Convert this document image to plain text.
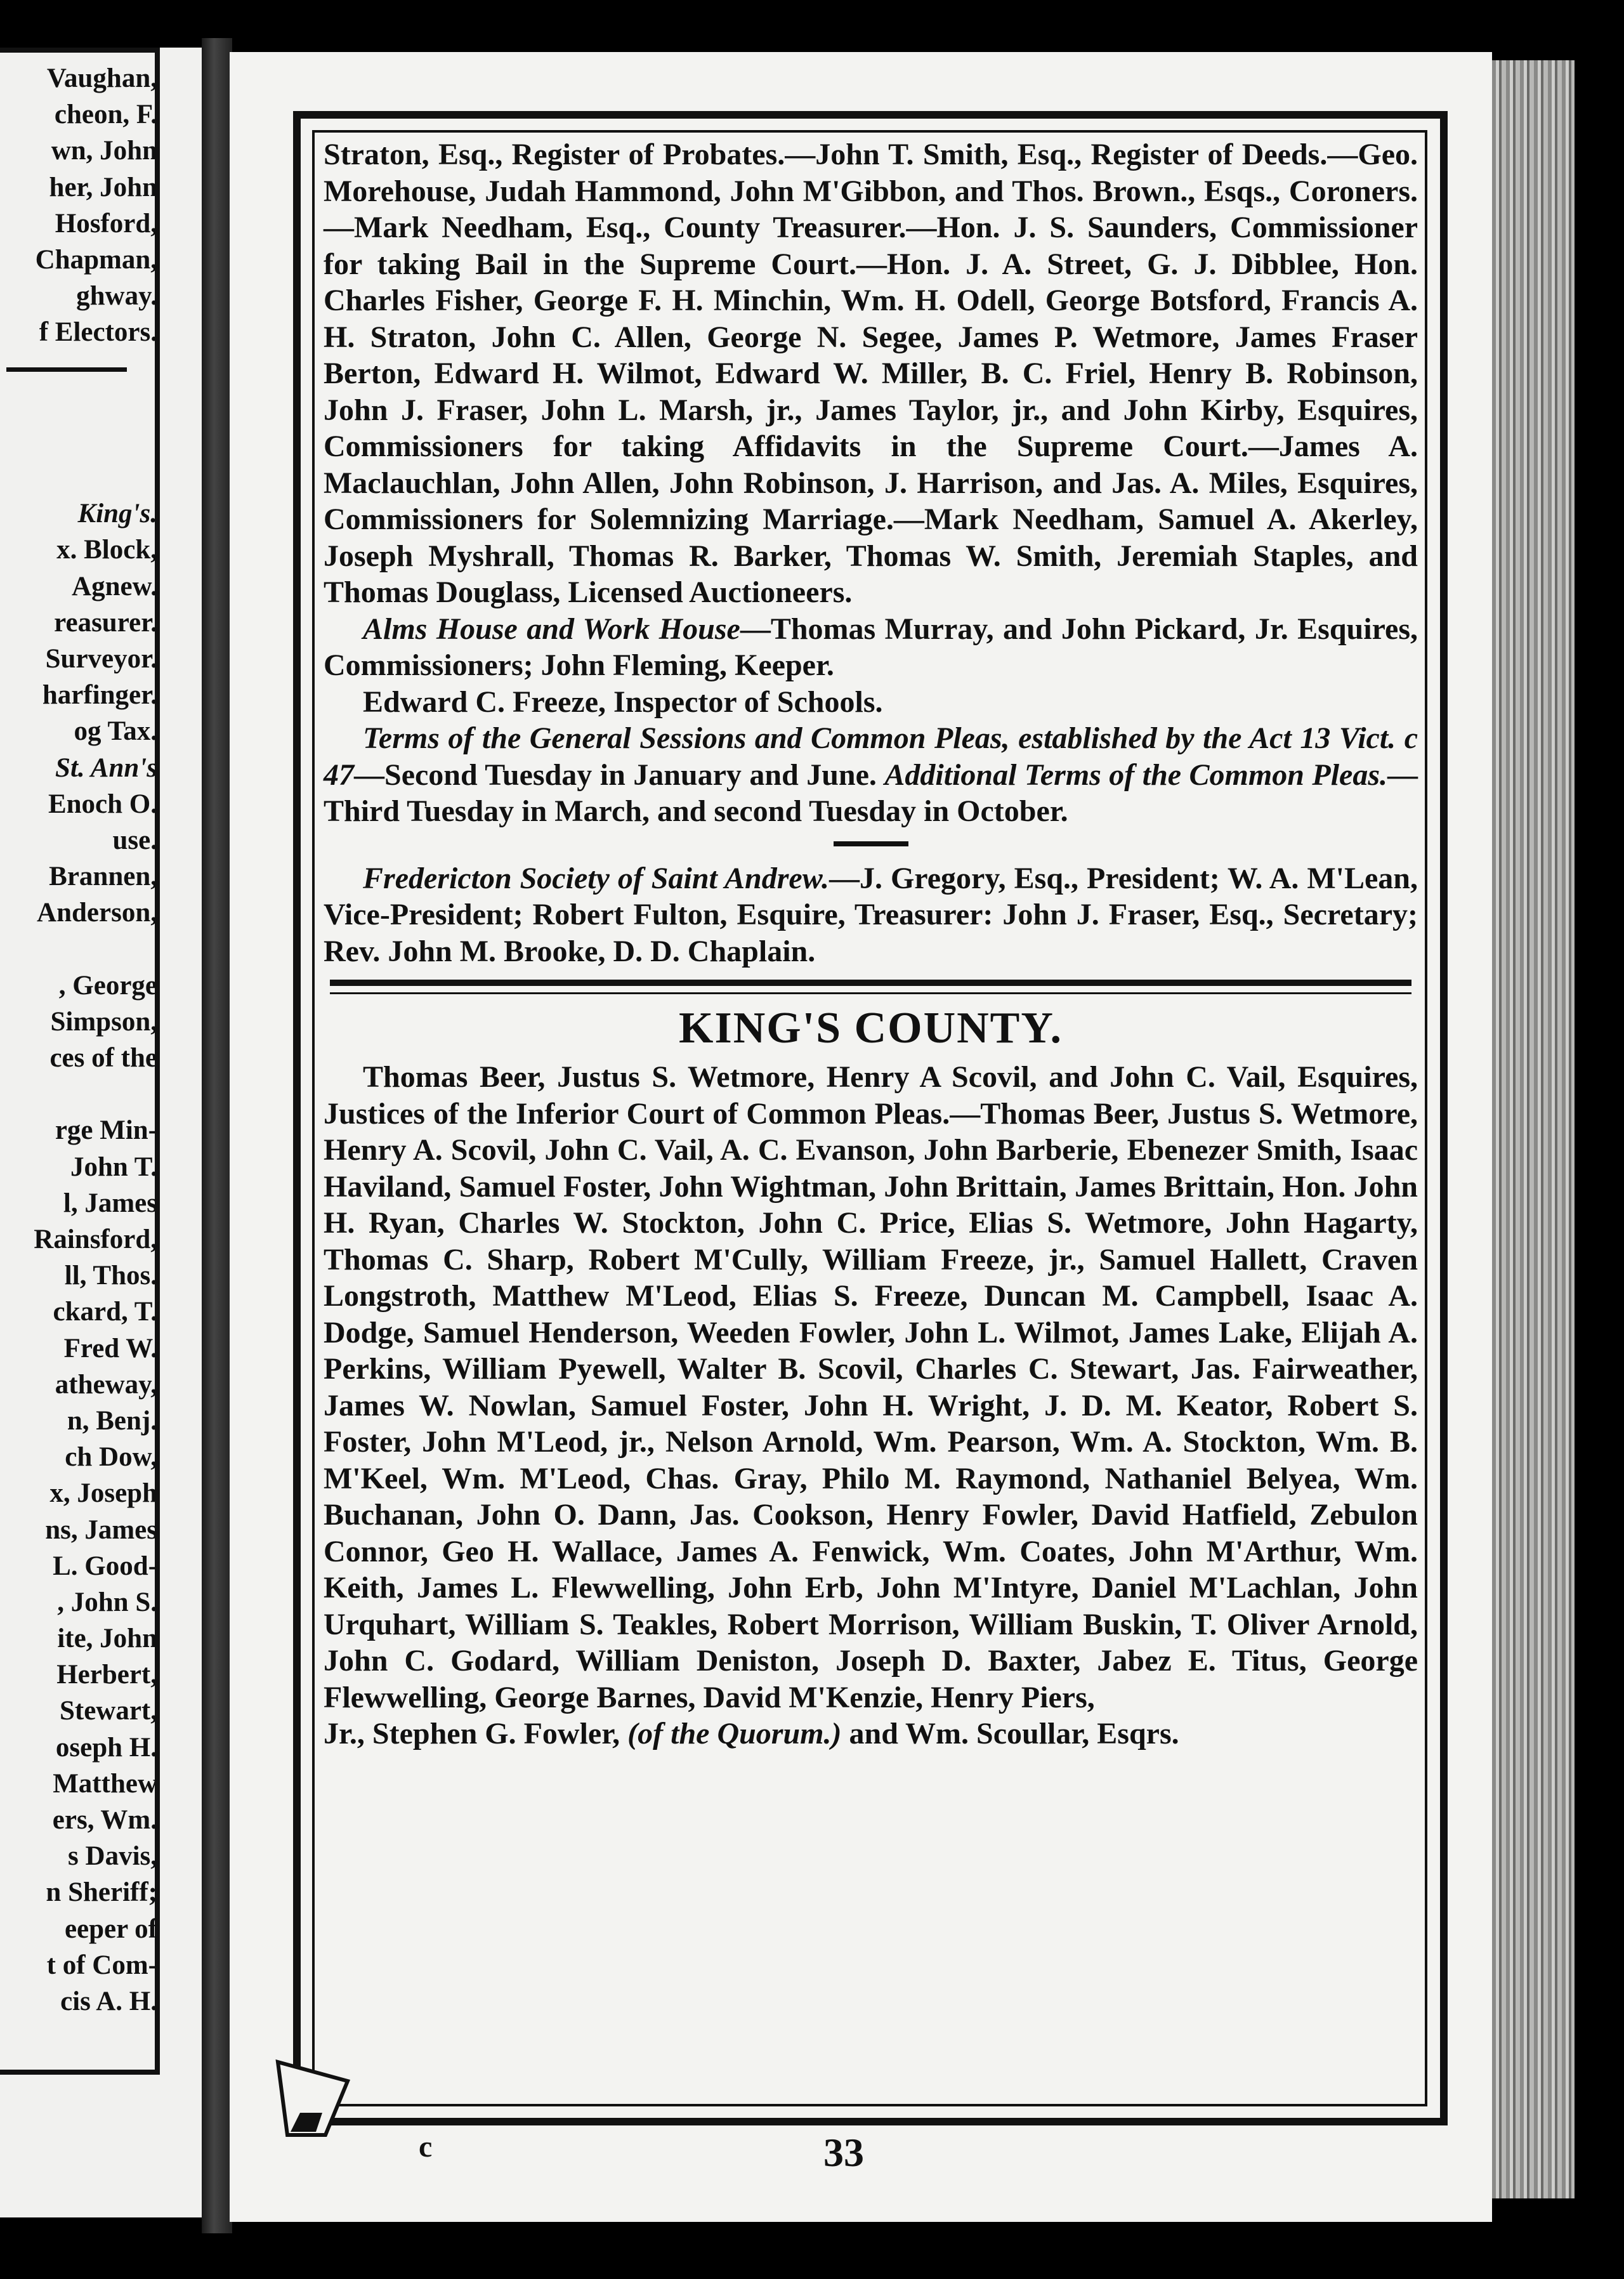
Vaughan,
cheon, F.
wn, John
her, John
Hosford,
Chapman,
ghway.
f Electors.
King's.
x. Block,
Agnew.
reasurer.
Surveyor.
harfinger.
og Tax.
St. Ann's
Enoch O.
use.
Brannen,
Anderson,
, George
Simpson,
ces of the
rge Min-
John T.
l, James
Rainsford,
ll, Thos.
ckard, T.
Fred W.
atheway,
n, Benj.
ch Dow,
x, Joseph
ns, James
L. Good-
, John S.
ite, John
Herbert,
Stewart,
oseph H.
Matthew
ers, Wm.
s Davis,
n Sheriff;
eeper of
t of Com-
cis A. H.

Straton, Esq., Register of Probates.—John T. Smith, Esq., Register of Deeds.—Geo. Morehouse, Judah Hammond, John M'Gibbon, and Thos. Brown., Esqs., Coroners.—Mark Needham, Esq., County Treasurer.—Hon. J. S. Saunders, Commissioner for taking Bail in the Supreme Court.—Hon. J. A. Street, G. J. Dibblee, Hon. Charles Fisher, George F. H. Minchin, Wm. H. Odell, George Botsford, Francis A. H. Straton, John C. Allen, George N. Segee, James P. Wetmore, James Fraser Berton, Edward H. Wilmot, Edward W. Miller, B. C. Friel, Henry B. Robinson, John J. Fraser, John L. Marsh, jr., James Taylor, jr., and John Kirby, Esquires, Commissioners for taking Affidavits in the Supreme Court.—James A. Maclauchlan, John Allen, John Robinson, J. Harrison, and Jas. A. Miles, Esquires, Commissioners for Solemnizing Marriage.—Mark Needham, Samuel A. Akerley, Joseph Myshrall, Thomas R. Barker, Thomas W. Smith, Jeremiah Staples, and Thomas Douglass, Licensed Auctioneers.

Alms House and Work House—Thomas Murray, and John Pickard, Jr. Esquires, Commissioners; John Fleming, Keeper.

Edward C. Freeze, Inspector of Schools.

Terms of the General Sessions and Common Pleas, established by the Act 13 Vict. c 47—Second Tuesday in January and June. Additional Terms of the Common Pleas.—Third Tuesday in March, and second Tuesday in October.

Fredericton Society of Saint Andrew.—J. Gregory, Esq., President; W. A. M'Lean, Vice-President; Robert Fulton, Esquire, Treasurer: John J. Fraser, Esq., Secretary; Rev. John M. Brooke, D. D. Chaplain.

KING'S COUNTY.

Thomas Beer, Justus S. Wetmore, Henry A Scovil, and John C. Vail, Esquires, Justices of the Inferior Court of Common Pleas.—Thomas Beer, Justus S. Wetmore, Henry A. Scovil, John C. Vail, A. C. Evanson, John Barberie, Ebenezer Smith, Isaac Haviland, Samuel Foster, John Wightman, John Brittain, James Brittain, Hon. John H. Ryan, Charles W. Stockton, John C. Price, Elias S. Wetmore, John Hagarty, Thomas C. Sharp, Robert M'Cully, William Freeze, jr., Samuel Hallett, Craven Longstroth, Matthew M'Leod, Elias S. Freeze, Duncan M. Campbell, Isaac A. Dodge, Samuel Henderson, Weeden Fowler, John L. Wilmot, James Lake, Elijah A. Perkins, William Pyewell, Walter B. Scovil, Charles C. Stewart, Jas. Fairweather, James W. Nowlan, Samuel Foster, John H. Wright, J. D. M. Keator, Robert S. Foster, John M'Leod, jr., Nelson Arnold, Wm. Pearson, Wm. A. Stockton, Wm. B. M'Keel, Wm. M'Leod, Chas. Gray, Philo M. Raymond, Nathaniel Belyea, Wm. Buchanan, John O. Dann, Jas. Cookson, Henry Fowler, David Hatfield, Zebulon Connor, Geo H. Wallace, James A. Fenwick, Wm. Coates, John M'Arthur, Wm. Keith, James L. Flewwelling, John Erb, John M'Intyre, Daniel M'Lachlan, John Urquhart, William S. Teakles, Robert Morrison, William Buskin, T. Oliver Arnold, John C. Godard, William Deniston, Joseph D. Baxter, Jabez E. Titus, George Flewwelling, George Barnes, David M'Kenzie, Henry Piers,

Jr., Stephen G. Fowler, (of the Quorum.) and Wm. Scoullar, Esqrs.

c	33
